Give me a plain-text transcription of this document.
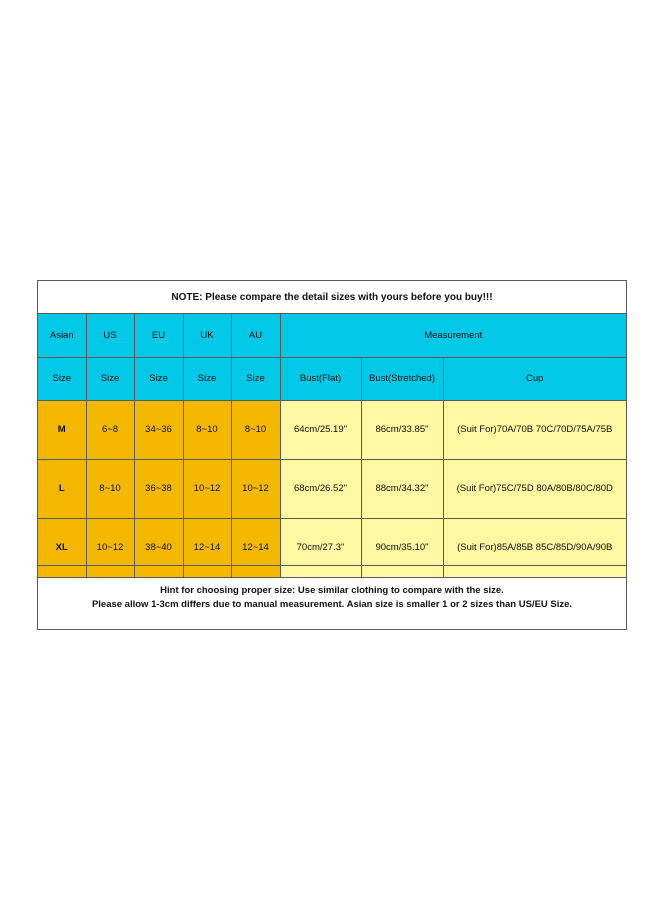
NOTE: Please compare the detail sizes with yours before you buy!!!
Asian	US	EU	UK	AU	Measurement		
Size	Size	Size	Size	Size	Bust(Flat)	Bust(Stretched)	Cup
M	6~8	34~36	8~10	8~10	64cm/25.19"	86cm/33.85"	(Suit For)70A/70B 70C/70D/75A/75B
L	8~10	36~38	10~12	10~12	68cm/26.52"	88cm/34.32"	(Suit For)75C/75D 80A/80B/80C/80D
XL	10~12	38~40	12~14	12~14	70cm/27.3"	90cm/35.10"	(Suit For)85A/85B 85C/85D/90A/90B
Hint for choosing proper size: Use similar clothing to compare with the size.
Please allow 1-3cm differs due to manual measurement. Asian size is smaller 1 or 2 sizes than US/EU Size.
